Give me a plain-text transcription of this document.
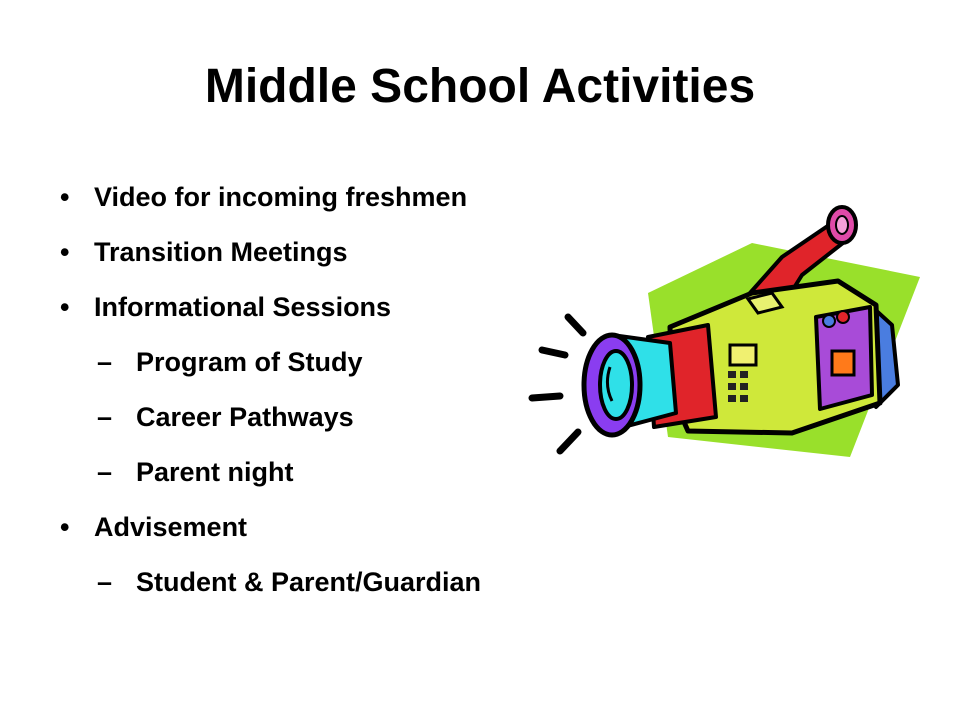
Middle School Activities
• Video for incoming freshmen
• Transition Meetings
• Informational Sessions
– Program of Study
– Career Pathways
– Parent night
• Advisement
– Student & Parent/Guardian
